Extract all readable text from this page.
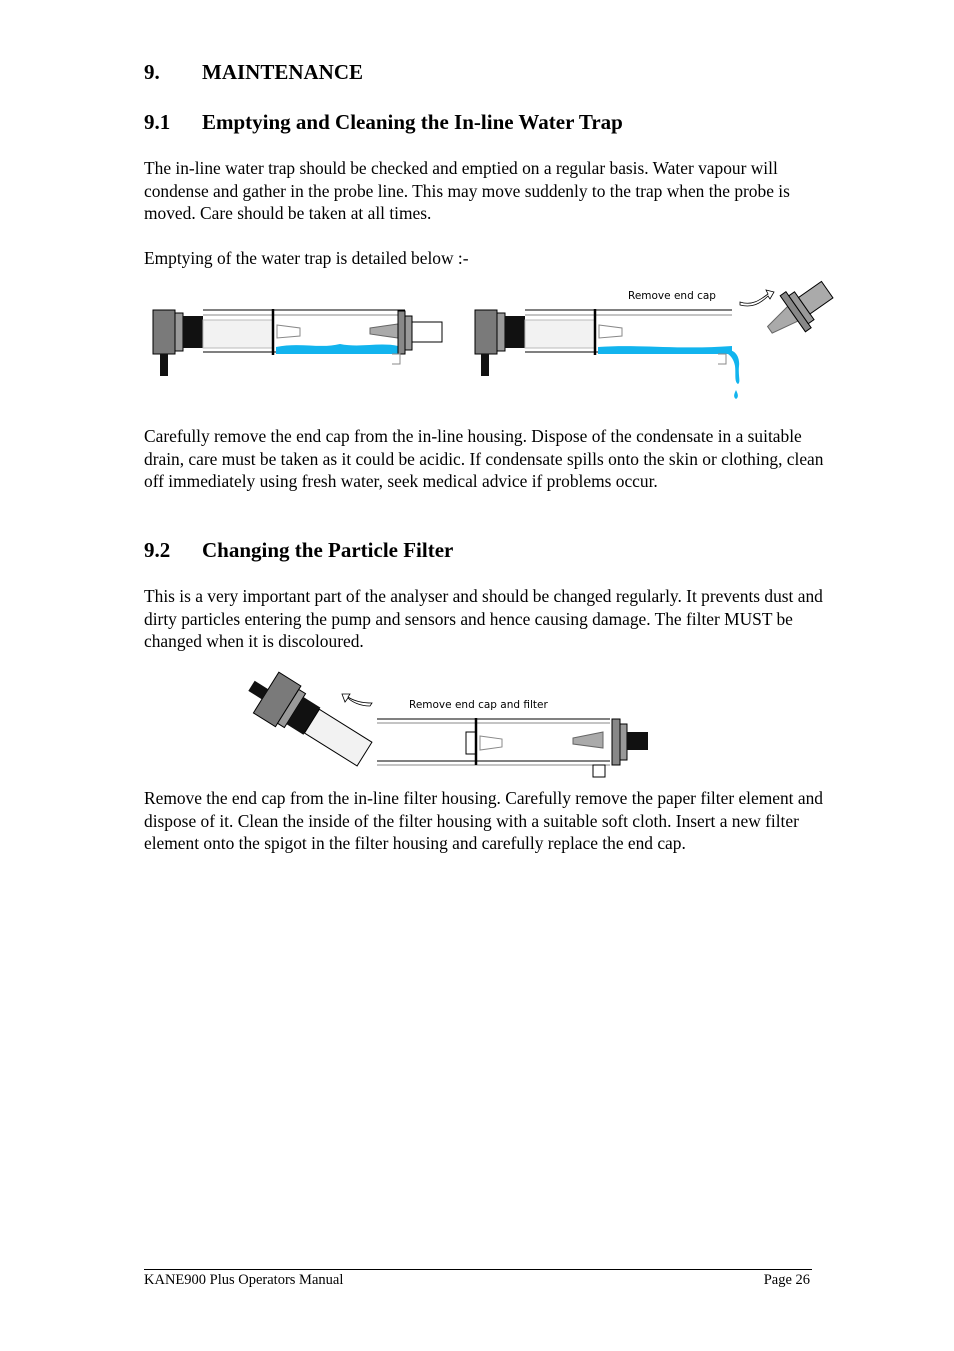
9. MAINTENANCE
9.1 Emptying and Cleaning the In-line Water Trap
The in-line water trap should be checked and emptied on a regular basis. Water vapour will condense and gather in the probe line. This may move suddenly to the trap when the probe is moved. Care should be taken at all times.
Emptying of the water trap is detailed below :-
Remove end cap
Carefully remove the end cap from the in-line housing. Dispose of the condensate in a suitable drain, care must be taken as it could be acidic. If condensate spills onto the skin or clothing, clean off immediately using fresh water, seek medical advice if problems occur.
9.2 Changing the Particle Filter
This is a very important part of the analyser and should be changed regularly. It prevents dust and dirty particles entering the pump and sensors and hence causing damage. The filter MUST be changed when it is discoloured.
Remove end cap and filter
Remove the end cap from the in-line filter housing. Carefully remove the paper filter element and dispose of it. Clean the inside of the filter housing with a suitable soft cloth. Insert a new filter element onto the spigot in the filter housing and carefully replace the end cap.
KANE900 Plus Operators Manual	Page 26
